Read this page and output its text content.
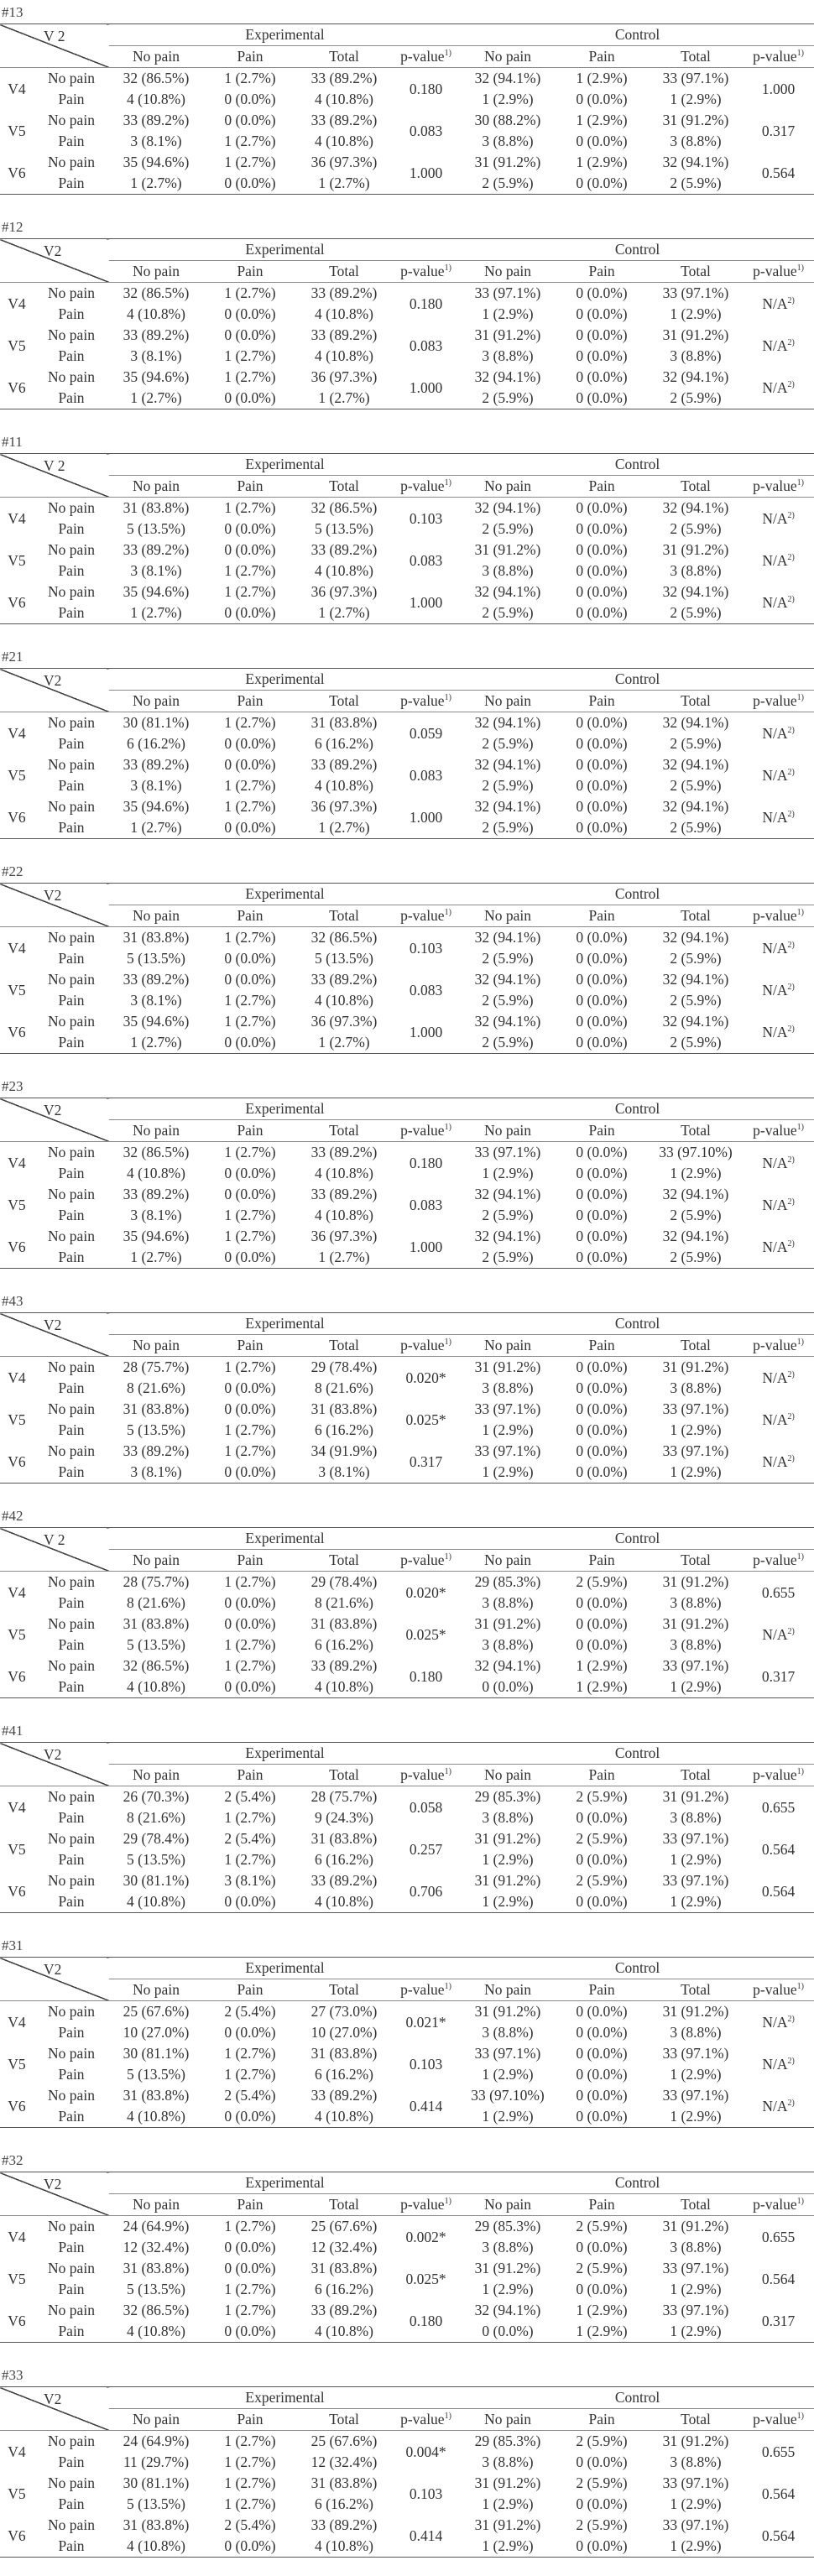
#13
V 2		Experimental				Control			
		No pain	Pain	Total	p-value$^{1)}$	No pain	Pain	Total	p-value$^{1)}$
V4	No pain	32 (86.5%)	1 (2.7%)	33 (89.2%)	0.180	32 (94.1%)	1 (2.9%)	33 (97.1%)	1.000
	Pain	4 (10.8%)	0 (0.0%)	4 (10.8%)		1 (2.9%)	0 (0.0%)	1 (2.9%)	
V5	No pain	33 (89.2%)	0 (0.0%)	33 (89.2%)	0.083	30 (88.2%)	1 (2.9%)	31 (91.2%)	0.317
	Pain	3 (8.1%)	1 (2.7%)	4 (10.8%)		3 (8.8%)	0 (0.0%)	3 (8.8%)	
V6	No pain	35 (94.6%)	1 (2.7%)	36 (97.3%)	1.000	31 (91.2%)	1 (2.9%)	32 (94.1%)	0.564
	Pain	1 (2.7%)	0 (0.0%)	1 (2.7%)		2 (5.9%)	0 (0.0%)	2 (5.9%)	
#12
V2		Experimental				Control			
		No pain	Pain	Total	p-value$^{1)}$	No pain	Pain	Total	p-value$^{1)}$
V4	No pain	32 (86.5%)	1 (2.7%)	33 (89.2%)	0.180	33 (97.1%)	0 (0.0%)	33 (97.1%)	$N/A^{2)}$
	Pain	4 (10.8%)	0 (0.0%)	4 (10.8%)		1 (2.9%)	0 (0.0%)	1 (2.9%)	
V5	No pain	33 (89.2%)	0 (0.0%)	33 (89.2%)	0.083	31 (91.2%)	0 (0.0%)	31 (91.2%)	$N/A^{2)}$
	Pain	3 (8.1%)	1 (2.7%)	4 (10.8%)		3 (8.8%)	0 (0.0%)	3 (8.8%)	
V6	No pain	35 (94.6%)	1 (2.7%)	36 (97.3%)	1.000	32 (94.1%)	0 (0.0%)	32 (94.1%)	$N/A^{2)}$
	Pain	1 (2.7%)	0 (0.0%)	1 (2.7%)		2 (5.9%)	0 (0.0%)	2 (5.9%)	
#11
V 2		Experimental				Control			
		No pain	Pain	Total	p-value$^{1)}$	No pain	Pain	Total	p-value$^{1)}$
V4	No pain	31 (83.8%)	1 (2.7%)	32 (86.5%)	0.103	32 (94.1%)	0 (0.0%)	32 (94.1%)	$N/A^{2)}$
	Pain	5 (13.5%)	0 (0.0%)	5 (13.5%)		2 (5.9%)	0 (0.0%)	2 (5.9%)	
V5	No pain	33 (89.2%)	0 (0.0%)	33 (89.2%)	0.083	31 (91.2%)	0 (0.0%)	31 (91.2%)	$N/A^{2)}$
	Pain	3 (8.1%)	1 (2.7%)	4 (10.8%)		3 (8.8%)	0 (0.0%)	3 (8.8%)	
V6	No pain	35 (94.6%)	1 (2.7%)	36 (97.3%)	1.000	32 (94.1%)	0 (0.0%)	32 (94.1%)	$N/A^{2)}$
	Pain	1 (2.7%)	0 (0.0%)	1 (2.7%)		2 (5.9%)	0 (0.0%)	2 (5.9%)	
#21
V2		Experimental				Control			
		No pain	Pain	Total	p-value$^{1)}$	No pain	Pain	Total	p-value$^{1)}$
V4	No pain	30 (81.1%)	1 (2.7%)	31 (83.8%)	0.059	32 (94.1%)	0 (0.0%)	32 (94.1%)	$N/A^{2)}$
	Pain	6 (16.2%)	0 (0.0%)	6 (16.2%)		2 (5.9%)	0 (0.0%)	2 (5.9%)	
V5	No pain	33 (89.2%)	0 (0.0%)	33 (89.2%)	0.083	32 (94.1%)	0 (0.0%)	32 (94.1%)	$N/A^{2)}$
	Pain	3 (8.1%)	1 (2.7%)	4 (10.8%)		2 (5.9%)	0 (0.0%)	2 (5.9%)	
V6	No pain	35 (94.6%)	1 (2.7%)	36 (97.3%)	1.000	32 (94.1%)	0 (0.0%)	32 (94.1%)	$N/A^{2)}$
	Pain	1 (2.7%)	0 (0.0%)	1 (2.7%)		2 (5.9%)	0 (0.0%)	2 (5.9%)	
#22
V2		Experimental				Control			
		No pain	Pain	Total	p-value$^{1)}$	No pain	Pain	Total	p-value$^{1)}$
V4	No pain	31 (83.8%)	1 (2.7%)	32 (86.5%)	0.103	32 (94.1%)	0 (0.0%)	32 (94.1%)	$N/A^{2)}$
	Pain	5 (13.5%)	0 (0.0%)	5 (13.5%)		2 (5.9%)	0 (0.0%)	2 (5.9%)	
V5	No pain	33 (89.2%)	0 (0.0%)	33 (89.2%)	0.083	32 (94.1%)	0 (0.0%)	32 (94.1%)	$N/A^{2)}$
	Pain	3 (8.1%)	1 (2.7%)	4 (10.8%)		2 (5.9%)	0 (0.0%)	2 (5.9%)	
V6	No pain	35 (94.6%)	1 (2.7%)	36 (97.3%)	1.000	32 (94.1%)	0 (0.0%)	32 (94.1%)	$N/A^{2)}$
	Pain	1 (2.7%)	0 (0.0%)	1 (2.7%)		2 (5.9%)	0 (0.0%)	2 (5.9%)	
#23
V2		Experimental				Control			
		No pain	Pain	Total	p-value$^{1)}$	No pain	Pain	Total	p-value$^{1)}$
V4	No pain	32 (86.5%)	1 (2.7%)	33 (89.2%)	0.180	33 (97.1%)	0 (0.0%)	33 (97.10%)	$N/A^{2)}$
	Pain	4 (10.8%)	0 (0.0%)	4 (10.8%)		1 (2.9%)	0 (0.0%)	1 (2.9%)	
V5	No pain	33 (89.2%)	0 (0.0%)	33 (89.2%)	0.083	32 (94.1%)	0 (0.0%)	32 (94.1%)	$N/A^{2)}$
	Pain	3 (8.1%)	1 (2.7%)	4 (10.8%)		2 (5.9%)	0 (0.0%)	2 (5.9%)	
V6	No pain	35 (94.6%)	1 (2.7%)	36 (97.3%)	1.000	32 (94.1%)	0 (0.0%)	32 (94.1%)	$N/A^{2)}$
	Pain	1 (2.7%)	0 (0.0%)	1 (2.7%)		2 (5.9%)	0 (0.0%)	2 (5.9%)	
#43
V2		Experimental				Control			
		No pain	Pain	Total	p-value$^{1)}$	No pain	Pain	Total	p-value$^{1)}$
V4	No pain	28 (75.7%)	1 (2.7%)	29 (78.4%)	0.020*	31 (91.2%)	0 (0.0%)	31 (91.2%)	$N/A^{2)}$
	Pain	8 (21.6%)	0 (0.0%)	8 (21.6%)		3 (8.8%)	0 (0.0%)	3 (8.8%)	
V5	No pain	31 (83.8%)	0 (0.0%)	31 (83.8%)	0.025*	33 (97.1%)	0 (0.0%)	33 (97.1%)	$N/A^{2)}$
	Pain	5 (13.5%)	1 (2.7%)	6 (16.2%)		1 (2.9%)	0 (0.0%)	1 (2.9%)	
V6	No pain	33 (89.2%)	1 (2.7%)	34 (91.9%)	0.317	33 (97.1%)	0 (0.0%)	33 (97.1%)	$N/A^{2)}$
	Pain	3 (8.1%)	0 (0.0%)	3 (8.1%)		1 (2.9%)	0 (0.0%)	1 (2.9%)	
#42
V 2		Experimental				Control			
		No pain	Pain	Total	p-value$^{1)}$	No pain	Pain	Total	p-value$^{1)}$
V4	No pain	28 (75.7%)	1 (2.7%)	29 (78.4%)	0.020*	29 (85.3%)	2 (5.9%)	31 (91.2%)	0.655
	Pain	8 (21.6%)	0 (0.0%)	8 (21.6%)		3 (8.8%)	0 (0.0%)	3 (8.8%)	
V5	No pain	31 (83.8%)	0 (0.0%)	31 (83.8%)	0.025*	31 (91.2%)	0 (0.0%)	31 (91.2%)	$N/A^{2)}$
	Pain	5 (13.5%)	1 (2.7%)	6 (16.2%)		3 (8.8%)	0 (0.0%)	3 (8.8%)	
V6	No pain	32 (86.5%)	1 (2.7%)	33 (89.2%)	0.180	32 (94.1%)	1 (2.9%)	33 (97.1%)	0.317
	Pain	4 (10.8%)	0 (0.0%)	4 (10.8%)		0 (0.0%)	1 (2.9%)	1 (2.9%)	
#41
V2		Experimental				Control			
		No pain	Pain	Total	p-value$^{1)}$	No pain	Pain	Total	p-value$^{1)}$
V4	No pain	26 (70.3%)	2 (5.4%)	28 (75.7%)	0.058	29 (85.3%)	2 (5.9%)	31 (91.2%)	0.655
	Pain	8 (21.6%)	1 (2.7%)	9 (24.3%)		3 (8.8%)	0 (0.0%)	3 (8.8%)	
V5	No pain	29 (78.4%)	2 (5.4%)	31 (83.8%)	0.257	31 (91.2%)	2 (5.9%)	33 (97.1%)	0.564
	Pain	5 (13.5%)	1 (2.7%)	6 (16.2%)		1 (2.9%)	0 (0.0%)	1 (2.9%)	
V6	No pain	30 (81.1%)	3 (8.1%)	33 (89.2%)	0.706	31 (91.2%)	2 (5.9%)	33 (97.1%)	0.564
	Pain	4 (10.8%)	0 (0.0%)	4 (10.8%)		1 (2.9%)	0 (0.0%)	1 (2.9%)	
#31
V2		Experimental				Control			
		No pain	Pain	Total	p-value$^{1)}$	No pain	Pain	Total	p-value$^{1)}$
V4	No pain	25 (67.6%)	2 (5.4%)	27 (73.0%)	0.021*	31 (91.2%)	0 (0.0%)	31 (91.2%)	$N/A^{2)}$
	Pain	10 (27.0%)	0 (0.0%)	10 (27.0%)		3 (8.8%)	0 (0.0%)	3 (8.8%)	
V5	No pain	30 (81.1%)	1 (2.7%)	31 (83.8%)	0.103	33 (97.1%)	0 (0.0%)	33 (97.1%)	$N/A^{2)}$
	Pain	5 (13.5%)	1 (2.7%)	6 (16.2%)		1 (2.9%)	0 (0.0%)	1 (2.9%)	
V6	No pain	31 (83.8%)	2 (5.4%)	33 (89.2%)	0.414	33 (97.10%)	0 (0.0%)	33 (97.1%)	$N/A^{2)}$
	Pain	4 (10.8%)	0 (0.0%)	4 (10.8%)		1 (2.9%)	0 (0.0%)	1 (2.9%)	
#32
V2		Experimental				Control			
		No pain	Pain	Total	p-value$^{1)}$	No pain	Pain	Total	p-value$^{1)}$
V4	No pain	24 (64.9%)	1 (2.7%)	25 (67.6%)	0.002*	29 (85.3%)	2 (5.9%)	31 (91.2%)	0.655
	Pain	12 (32.4%)	0 (0.0%)	12 (32.4%)		3 (8.8%)	0 (0.0%)	3 (8.8%)	
V5	No pain	31 (83.8%)	0 (0.0%)	31 (83.8%)	0.025*	31 (91.2%)	2 (5.9%)	33 (97.1%)	0.564
	Pain	5 (13.5%)	1 (2.7%)	6 (16.2%)		1 (2.9%)	0 (0.0%)	1 (2.9%)	
V6	No pain	32 (86.5%)	1 (2.7%)	33 (89.2%)	0.180	32 (94.1%)	1 (2.9%)	33 (97.1%)	0.317
	Pain	4 (10.8%)	0 (0.0%)	4 (10.8%)		0 (0.0%)	1 (2.9%)	1 (2.9%)	
#33
V2		Experimental				Control			
		No pain	Pain	Total	p-value$^{1)}$	No pain	Pain	Total	p-value$^{1)}$
V4	No pain	24 (64.9%)	1 (2.7%)	25 (67.6%)	0.004*	29 (85.3%)	2 (5.9%)	31 (91.2%)	0.655
	Pain	11 (29.7%)	1 (2.7%)	12 (32.4%)		3 (8.8%)	0 (0.0%)	3 (8.8%)	
V5	No pain	30 (81.1%)	1 (2.7%)	31 (83.8%)	0.103	31 (91.2%)	2 (5.9%)	33 (97.1%)	0.564
	Pain	5 (13.5%)	1 (2.7%)	6 (16.2%)		1 (2.9%)	0 (0.0%)	1 (2.9%)	
V6	No pain	31 (83.8%)	2 (5.4%)	33 (89.2%)	0.414	31 (91.2%)	2 (5.9%)	33 (97.1%)	0.564
	Pain	4 (10.8%)	0 (0.0%)	4 (10.8%)		1 (2.9%)	0 (0.0%)	1 (2.9%)	
